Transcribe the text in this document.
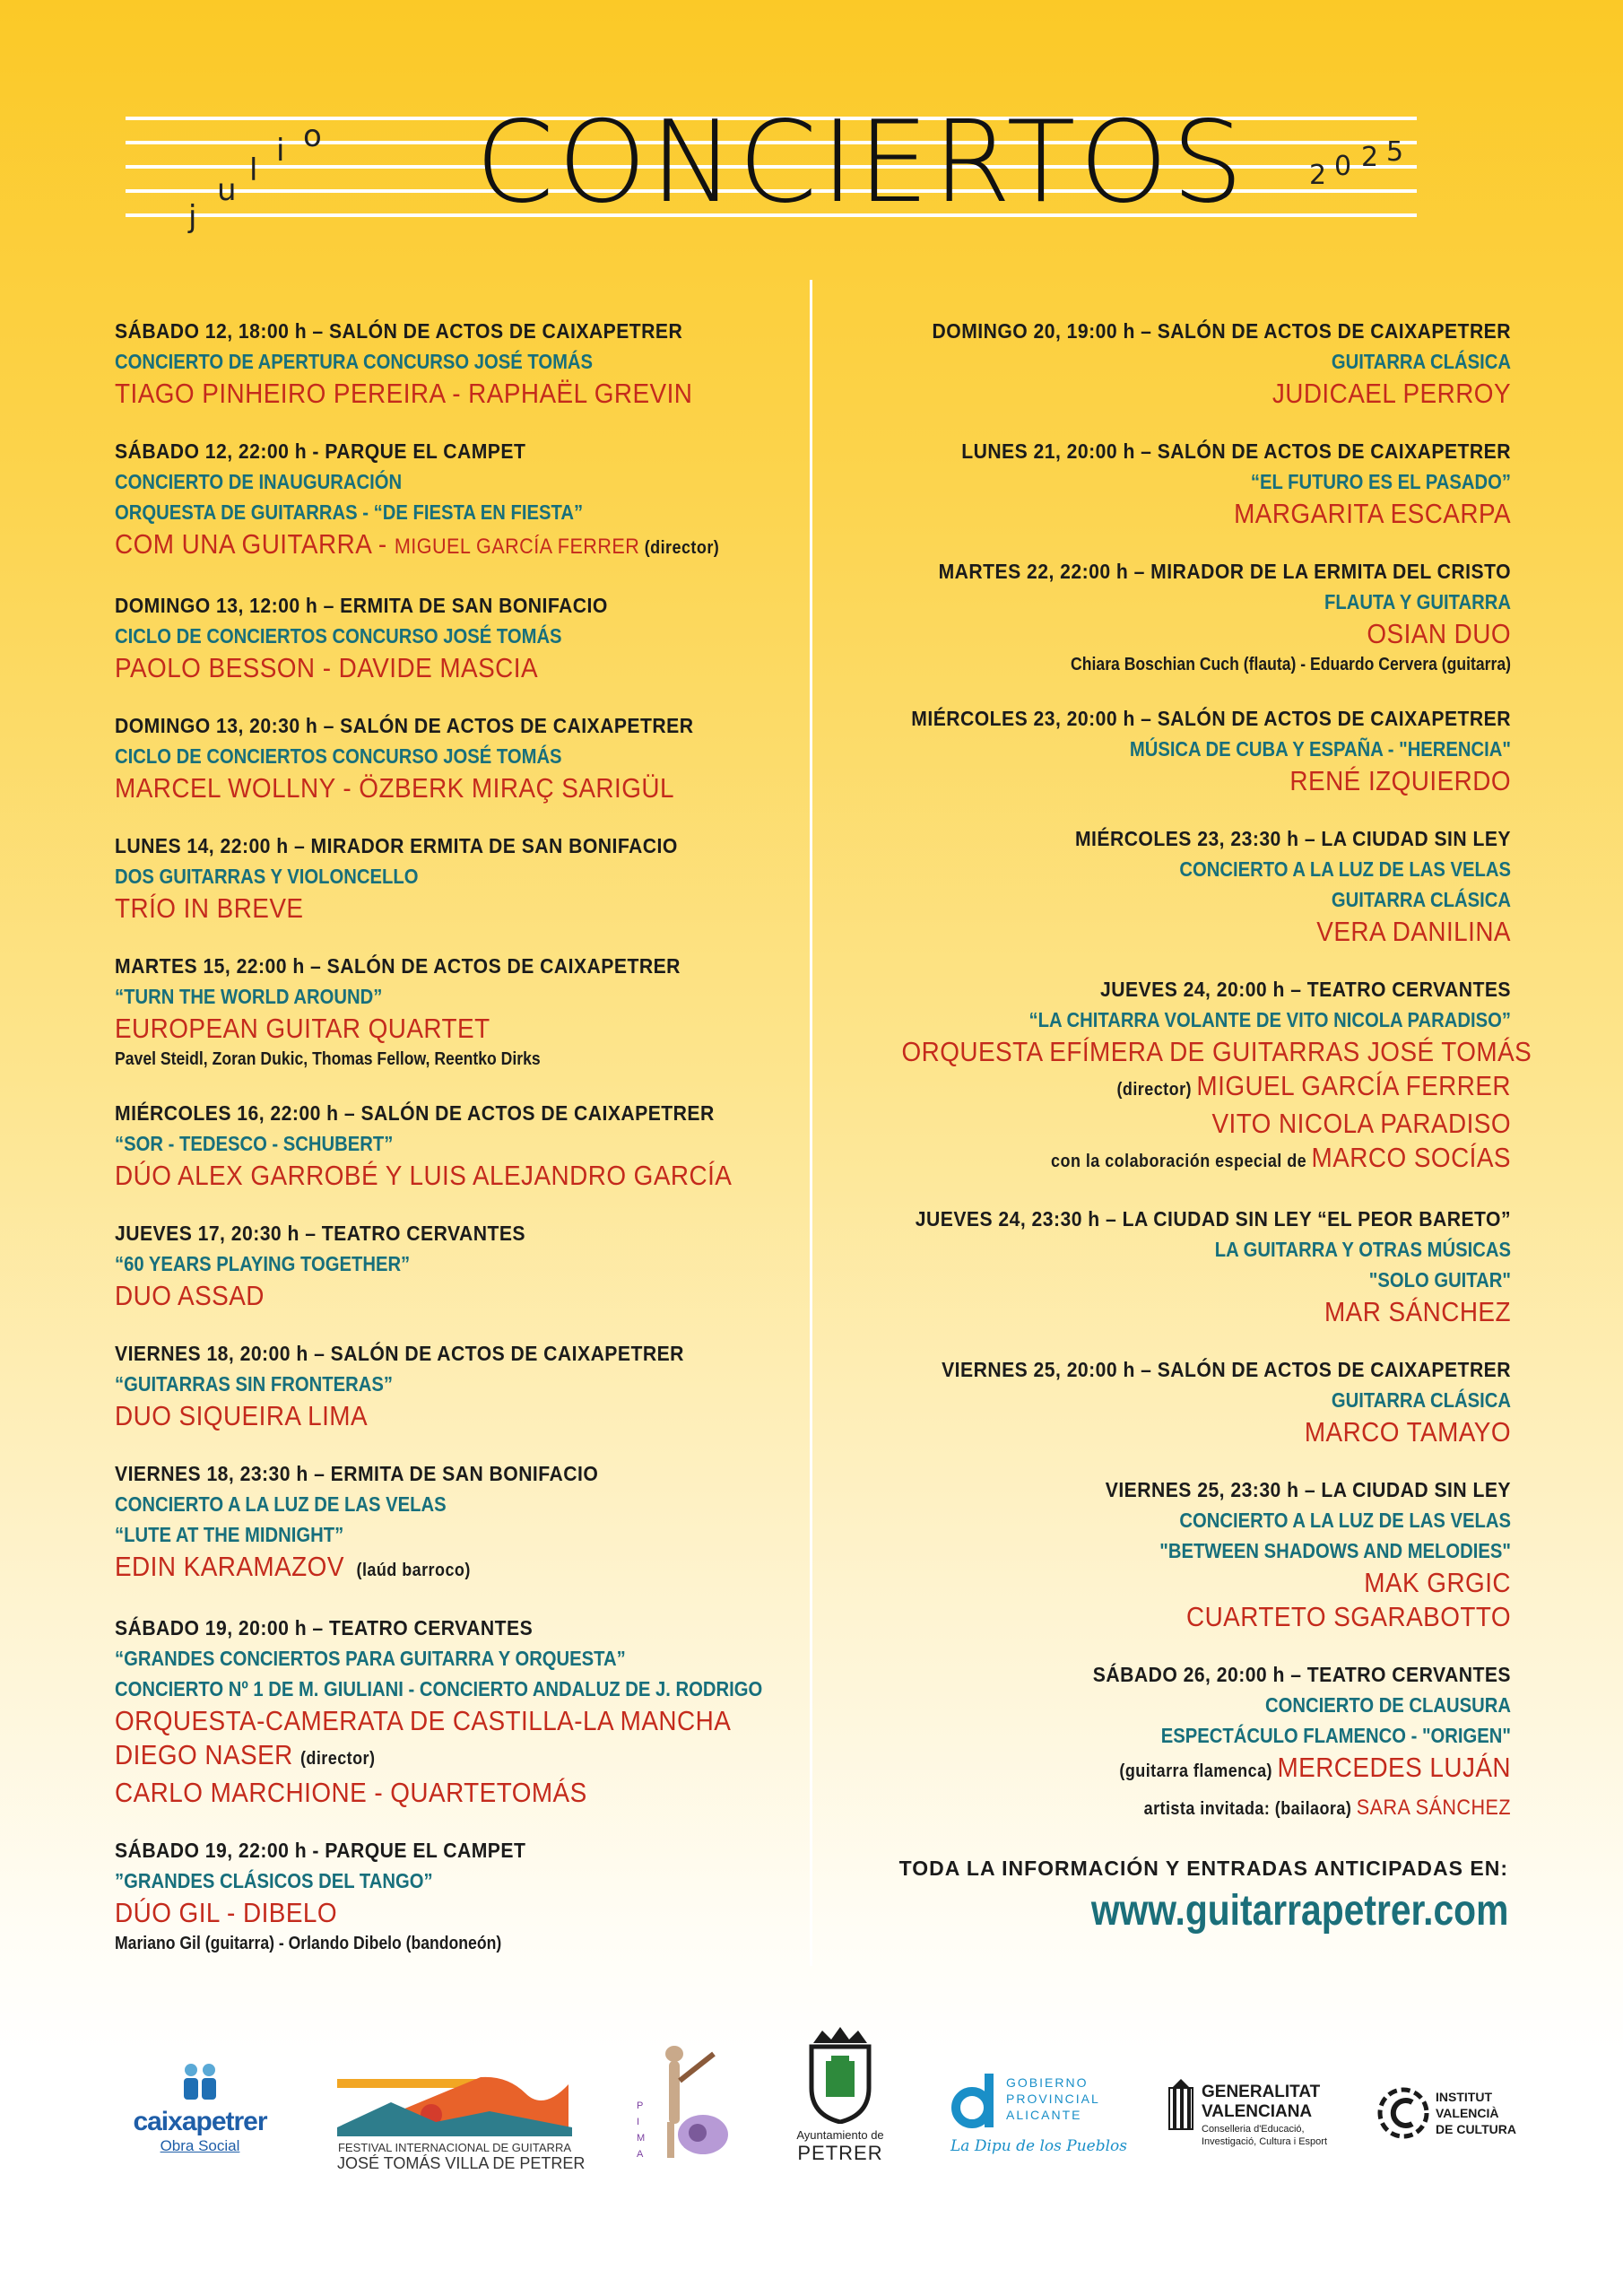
j
u
l
i o CONCIERTOS 2 0 2 5
SÁBADO 12, 18:00 h – SALÓN DE ACTOS DE CAIXAPETRER
CONCIERTO DE APERTURA CONCURSO JOSÉ TOMÁS
TIAGO PINHEIRO PEREIRA - RAPHAËL GREVIN
SÁBADO 12, 22:00 h - PARQUE EL CAMPET
CONCIERTO DE INAUGURACIÓN
ORQUESTA DE GUITARRAS - “DE FIESTA EN FIESTA”
COM UNA GUITARRA - MIGUEL GARCÍA FERRER (director)
DOMINGO 13, 12:00 h – ERMITA DE SAN BONIFACIO
CICLO DE CONCIERTOS CONCURSO JOSÉ TOMÁS
PAOLO BESSON - DAVIDE MASCIA
DOMINGO 13, 20:30 h – SALÓN DE ACTOS DE CAIXAPETRER
CICLO DE CONCIERTOS CONCURSO JOSÉ TOMÁS
MARCEL WOLLNY - ÖZBERK MIRAÇ SARIGÜL
LUNES 14, 22:00 h – MIRADOR ERMITA DE SAN BONIFACIO
DOS GUITARRAS Y VIOLONCELLO
TRÍO IN BREVE
MARTES 15, 22:00 h – SALÓN DE ACTOS DE CAIXAPETRER
“TURN THE WORLD AROUND”
EUROPEAN GUITAR QUARTET
Pavel Steidl, Zoran Dukic, Thomas Fellow, Reentko Dirks
MIÉRCOLES 16, 22:00 h – SALÓN DE ACTOS DE CAIXAPETRER
“SOR - TEDESCO - SCHUBERT”
DÚO ALEX GARROBÉ Y LUIS ALEJANDRO GARCÍA
JUEVES 17, 20:30 h – TEATRO CERVANTES
“60 YEARS PLAYING TOGETHER”
DUO ASSAD
VIERNES 18, 20:00 h – SALÓN DE ACTOS DE CAIXAPETRER
“GUITARRAS SIN FRONTERAS”
DUO SIQUEIRA LIMA
VIERNES 18, 23:30 h – ERMITA DE SAN BONIFACIO
CONCIERTO A LA LUZ DE LAS VELAS
“LUTE AT THE MIDNIGHT”
EDIN KARAMAZOV (laúd barroco)
SÁBADO 19, 20:00 h – TEATRO CERVANTES
“GRANDES CONCIERTOS PARA GUITARRA Y ORQUESTA”
CONCIERTO Nº 1 DE M. GIULIANI - CONCIERTO ANDALUZ DE J. RODRIGO
ORQUESTA-CAMERATA DE CASTILLA-LA MANCHA
DIEGO NASER (director)
CARLO MARCHIONE - QUARTETOMÁS
SÁBADO 19, 22:00 h - PARQUE EL CAMPET
”GRANDES CLÁSICOS DEL TANGO”
DÚO GIL - DIBELO
Mariano Gil (guitarra) - Orlando Dibelo (bandoneón)
DOMINGO 20, 19:00 h – SALÓN DE ACTOS DE CAIXAPETRER
GUITARRA CLÁSICA
JUDICAEL PERROY
LUNES 21, 20:00 h – SALÓN DE ACTOS DE CAIXAPETRER
“EL FUTURO ES EL PASADO”
MARGARITA ESCARPA
MARTES 22, 22:00 h – MIRADOR DE LA ERMITA DEL CRISTO
FLAUTA Y GUITARRA
OSIAN DUO
Chiara Boschian Cuch (flauta) - Eduardo Cervera (guitarra)
MIÉRCOLES 23, 20:00 h – SALÓN DE ACTOS DE CAIXAPETRER
MÚSICA DE CUBA Y ESPAÑA - "HERENCIA"
RENÉ IZQUIERDO
MIÉRCOLES 23, 23:30 h – LA CIUDAD SIN LEY
CONCIERTO A LA LUZ DE LAS VELAS
GUITARRA CLÁSICA
VERA DANILINA
JUEVES 24, 20:00 h – TEATRO CERVANTES
“LA CHITARRA VOLANTE DE VITO NICOLA PARADISO”
ORQUESTA EFÍMERA DE GUITARRAS JOSÉ TOMÁS
(director) MIGUEL GARCÍA FERRER
VITO NICOLA PARADISO
con la colaboración especial de MARCO SOCÍAS
JUEVES 24, 23:30 h – LA CIUDAD SIN LEY “EL PEOR BARETO”
LA GUITARRA Y OTRAS MÚSICAS
"SOLO GUITAR"
MAR SÁNCHEZ
VIERNES 25, 20:00 h – SALÓN DE ACTOS DE CAIXAPETRER
GUITARRA CLÁSICA
MARCO TAMAYO
VIERNES 25, 23:30 h – LA CIUDAD SIN LEY
CONCIERTO A LA LUZ DE LAS VELAS
"BETWEEN SHADOWS AND MELODIES"
MAK GRGIC
CUARTETO SGARABOTTO
SÁBADO 26, 20:00 h – TEATRO CERVANTES
CONCIERTO DE CLAUSURA
ESPECTÁCULO FLAMENCO - "ORIGEN"
(guitarra flamenca) MERCEDES LUJÁN
artista invitada: (bailaora) SARA SÁNCHEZ
TODA LA INFORMACIÓN Y ENTRADAS ANTICIPADAS EN:
www.guitarrapetrer.com
caixapetrer
Obra Social	FESTIVAL INTERNACIONAL DE GUITARRA
JOSÉ TOMÁS VILLA DE PETRER
P
I
M
A
Ayuntamiento de
PETRER
GOBIERNO
PROVINCIAL
ALICANTE
La Dipu de los Pueblos
GENERALITAT
VALENCIANA
Conselleria d'Educació,
Investigació, Cultura i Esport
INSTITUT
VALENCIÀ
DE CULTURA
